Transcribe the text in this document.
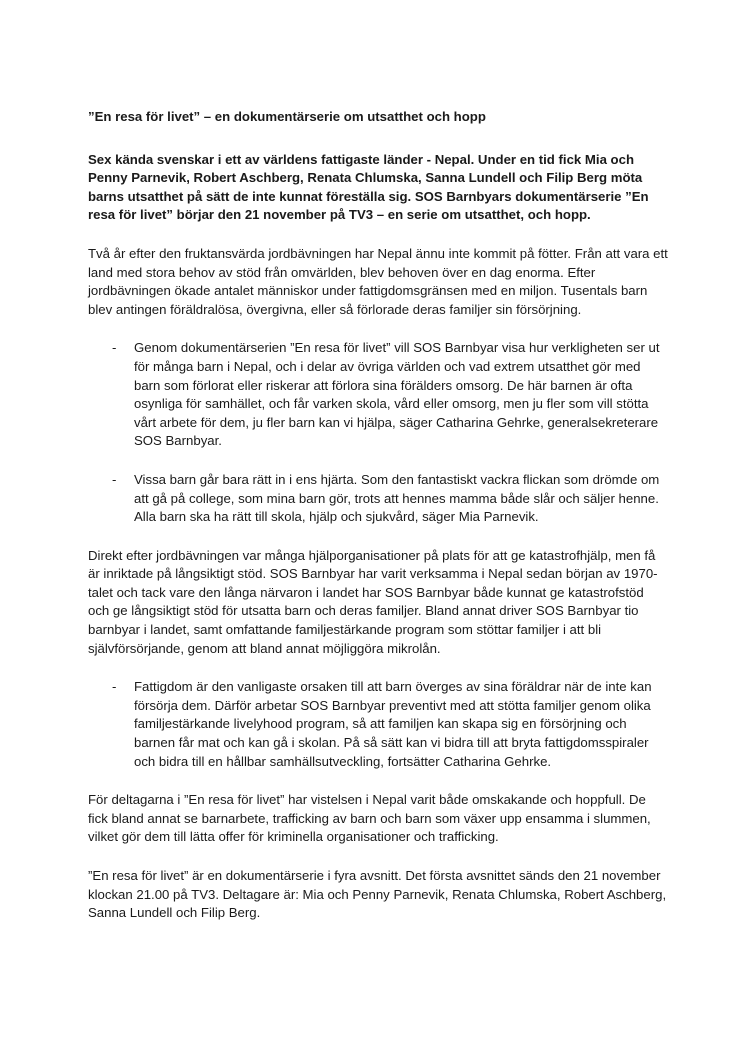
”En resa för livet” – en dokumentärserie om utsatthet och hopp

Sex kända svenskar i ett av världens fattigaste länder - Nepal. Under en tid fick Mia och Penny Parnevik, Robert Aschberg, Renata Chlumska, Sanna Lundell och Filip Berg möta barns utsatthet på sätt de inte kunnat föreställa sig. SOS Barnbyars dokumentärserie ”En resa för livet” börjar den 21 november på TV3 – en serie om utsatthet, och hopp.

Två år efter den fruktansvärda jordbävningen har Nepal ännu inte kommit på fötter. Från att vara ett land med stora behov av stöd från omvärlden, blev behoven över en dag enorma. Efter jordbävningen ökade antalet människor under fattigdomsgränsen med en miljon. Tusentals barn blev antingen föräldralösa, övergivna, eller så förlorade deras familjer sin försörjning.

- Genom dokumentärserien ”En resa för livet” vill SOS Barnbyar visa hur verkligheten ser ut för många barn i Nepal, och i delar av övriga världen och vad extrem utsatthet gör med barn som förlorat eller riskerar att förlora sina förälders omsorg. De här barnen är ofta osynliga för samhället, och får varken skola, vård eller omsorg, men ju fler som vill stötta vårt arbete för dem, ju fler barn kan vi hjälpa, säger Catharina Gehrke, generalsekreterare SOS Barnbyar.
- Vissa barn går bara rätt in i ens hjärta. Som den fantastiskt vackra flickan som drömde om att gå på college, som mina barn gör, trots att hennes mamma både slår och säljer henne. Alla barn ska ha rätt till skola, hjälp och sjukvård, säger Mia Parnevik.

Direkt efter jordbävningen var många hjälporganisationer på plats för att ge katastrofhjälp, men få är inriktade på långsiktigt stöd. SOS Barnbyar har varit verksamma i Nepal sedan början av 1970-talet och tack vare den långa närvaron i landet har SOS Barnbyar både kunnat ge katastrofstöd och ge långsiktigt stöd för utsatta barn och deras familjer. Bland annat driver SOS Barnbyar tio barnbyar i landet, samt omfattande familjestärkande program som stöttar familjer i att bli självförsörjande, genom att bland annat möjliggöra mikrolån.

- Fattigdom är den vanligaste orsaken till att barn överges av sina föräldrar när de inte kan försörja dem. Därför arbetar SOS Barnbyar preventivt med att stötta familjer genom olika familjestärkande livelyhood program, så att familjen kan skapa sig en försörjning och barnen får mat och kan gå i skolan. På så sätt kan vi bidra till att bryta fattigdomsspiraler och bidra till en hållbar samhällsutveckling, fortsätter Catharina Gehrke.

För deltagarna i ”En resa för livet” har vistelsen i Nepal varit både omskakande och hoppfull. De fick bland annat se barnarbete, trafficking av barn och barn som växer upp ensamma i slummen, vilket gör dem till lätta offer för kriminella organisationer och trafficking.

”En resa för livet” är en dokumentärserie i fyra avsnitt. Det första avsnittet sänds den 21 november klockan 21.00 på TV3. Deltagare är: Mia och Penny Parnevik, Renata Chlumska, Robert Aschberg, Sanna Lundell och Filip Berg.
